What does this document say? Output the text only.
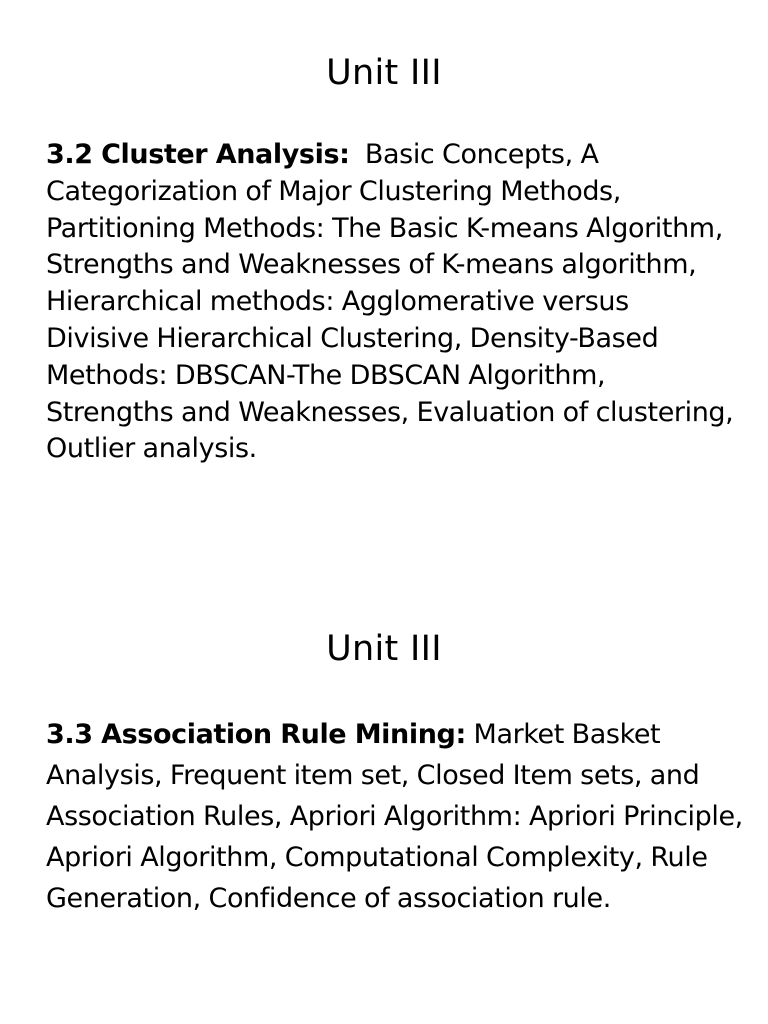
Unit III

3.2 Cluster Analysis: Basic Concepts, A Categorization of Major Clustering Methods, Partitioning Methods: The Basic K-means Algorithm, Strengths and Weaknesses of K-means algorithm, Hierarchical methods: Agglomerative versus Divisive Hierarchical Clustering, Density-Based Methods: DBSCAN-The DBSCAN Algorithm, Strengths and Weaknesses, Evaluation of clustering, Outlier analysis.

Unit III

3.3 Association Rule Mining: Market Basket Analysis, Frequent item set, Closed Item sets, and Association Rules, Apriori Algorithm: Apriori Principle, Apriori Algorithm, Computational Complexity, Rule Generation, Confidence of association rule.
